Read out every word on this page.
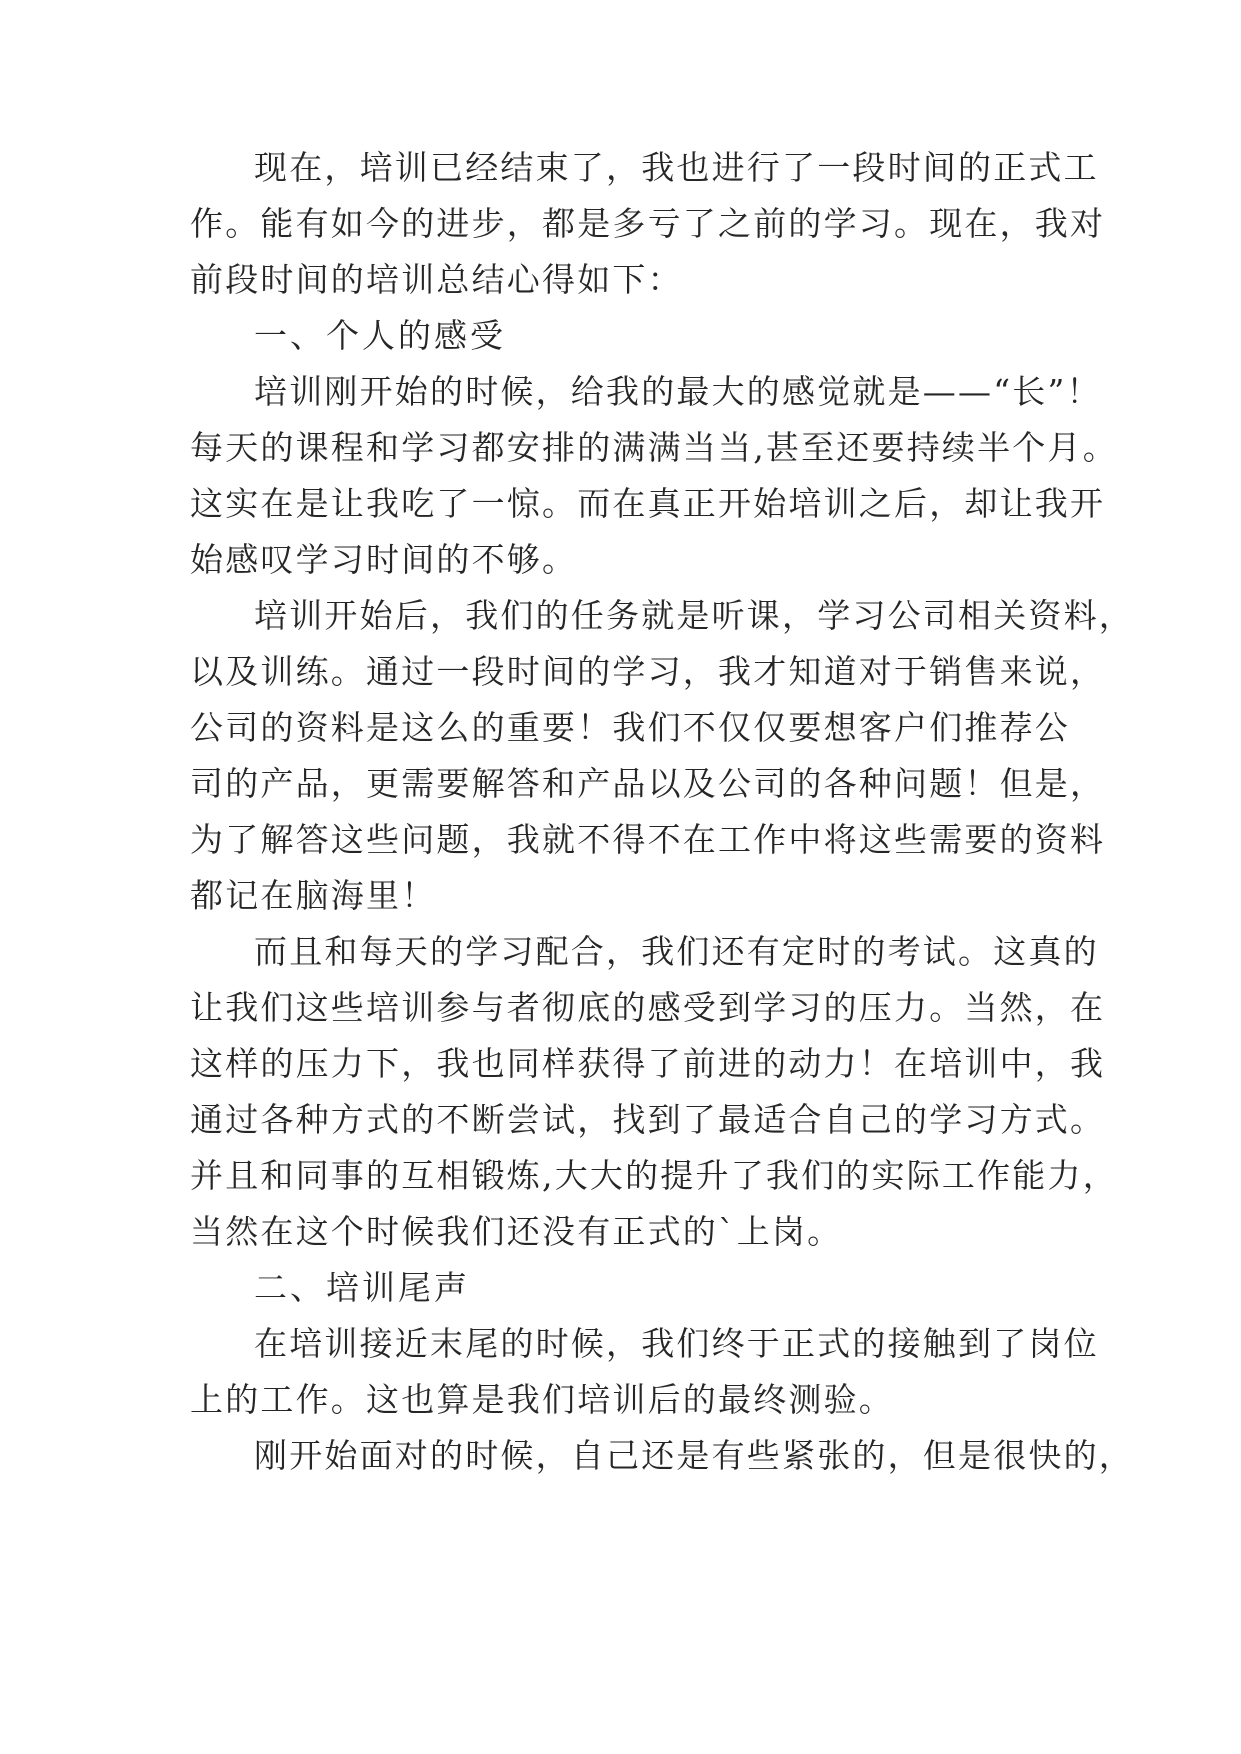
现在，培训已经结束了，我也进行了一段时间的正式工

作。能有如今的进步，都是多亏了之前的学习。现在，我对

前段时间的培训总结心得如下：

一、个人的感受

培训刚开始的时候，给我的最大的感觉就是——“长”！

每天的课程和学习都安排的满满当当,甚至还要持续半个月。

这实在是让我吃了一惊。而在真正开始培训之后，却让我开

始感叹学习时间的不够。

培训开始后，我们的任务就是听课，学习公司相关资料，

以及训练。通过一段时间的学习，我才知道对于销售来说，

公司的资料是这么的重要！我们不仅仅要想客户们推荐公

司的产品，更需要解答和产品以及公司的各种问题！但是，

为了解答这些问题，我就不得不在工作中将这些需要的资料

都记在脑海里！

而且和每天的学习配合，我们还有定时的考试。这真的

让我们这些培训参与者彻底的感受到学习的压力。当然，在

这样的压力下，我也同样获得了前进的动力！在培训中，我

通过各种方式的不断尝试，找到了最适合自己的学习方式。

并且和同事的互相锻炼,大大的提升了我们的实际工作能力，

当然在这个时候我们还没有正式的`上岗。

二、培训尾声

在培训接近末尾的时候，我们终于正式的接触到了岗位

上的工作。这也算是我们培训后的最终测验。

刚开始面对的时候，自己还是有些紧张的，但是很快的，
